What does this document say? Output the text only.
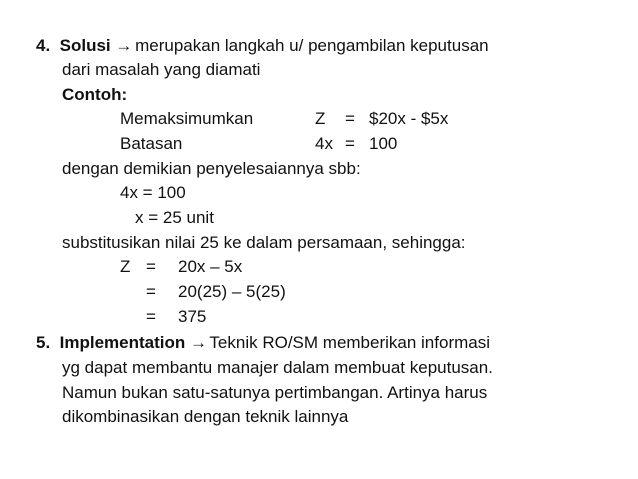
4. Solusi → merupakan langkah u/ pengambilan keputusan
dari masalah yang diamati
Contoh:
Memaksimumkan	Z = $20x - $5x
Batasan	4x = 100
dengan demikian penyelesaiannya sbb:
4x = 100
x = 25 unit
substitusikan nilai 25 ke dalam persamaan, sehingga:
Z = 20x – 5x
= 20(25) – 5(25)
= 375
5. Implementation → Teknik RO/SM memberikan informasi
yg dapat membantu manajer dalam membuat keputusan.
Namun bukan satu-satunya pertimbangan. Artinya harus
dikombinasikan dengan teknik lainnya
